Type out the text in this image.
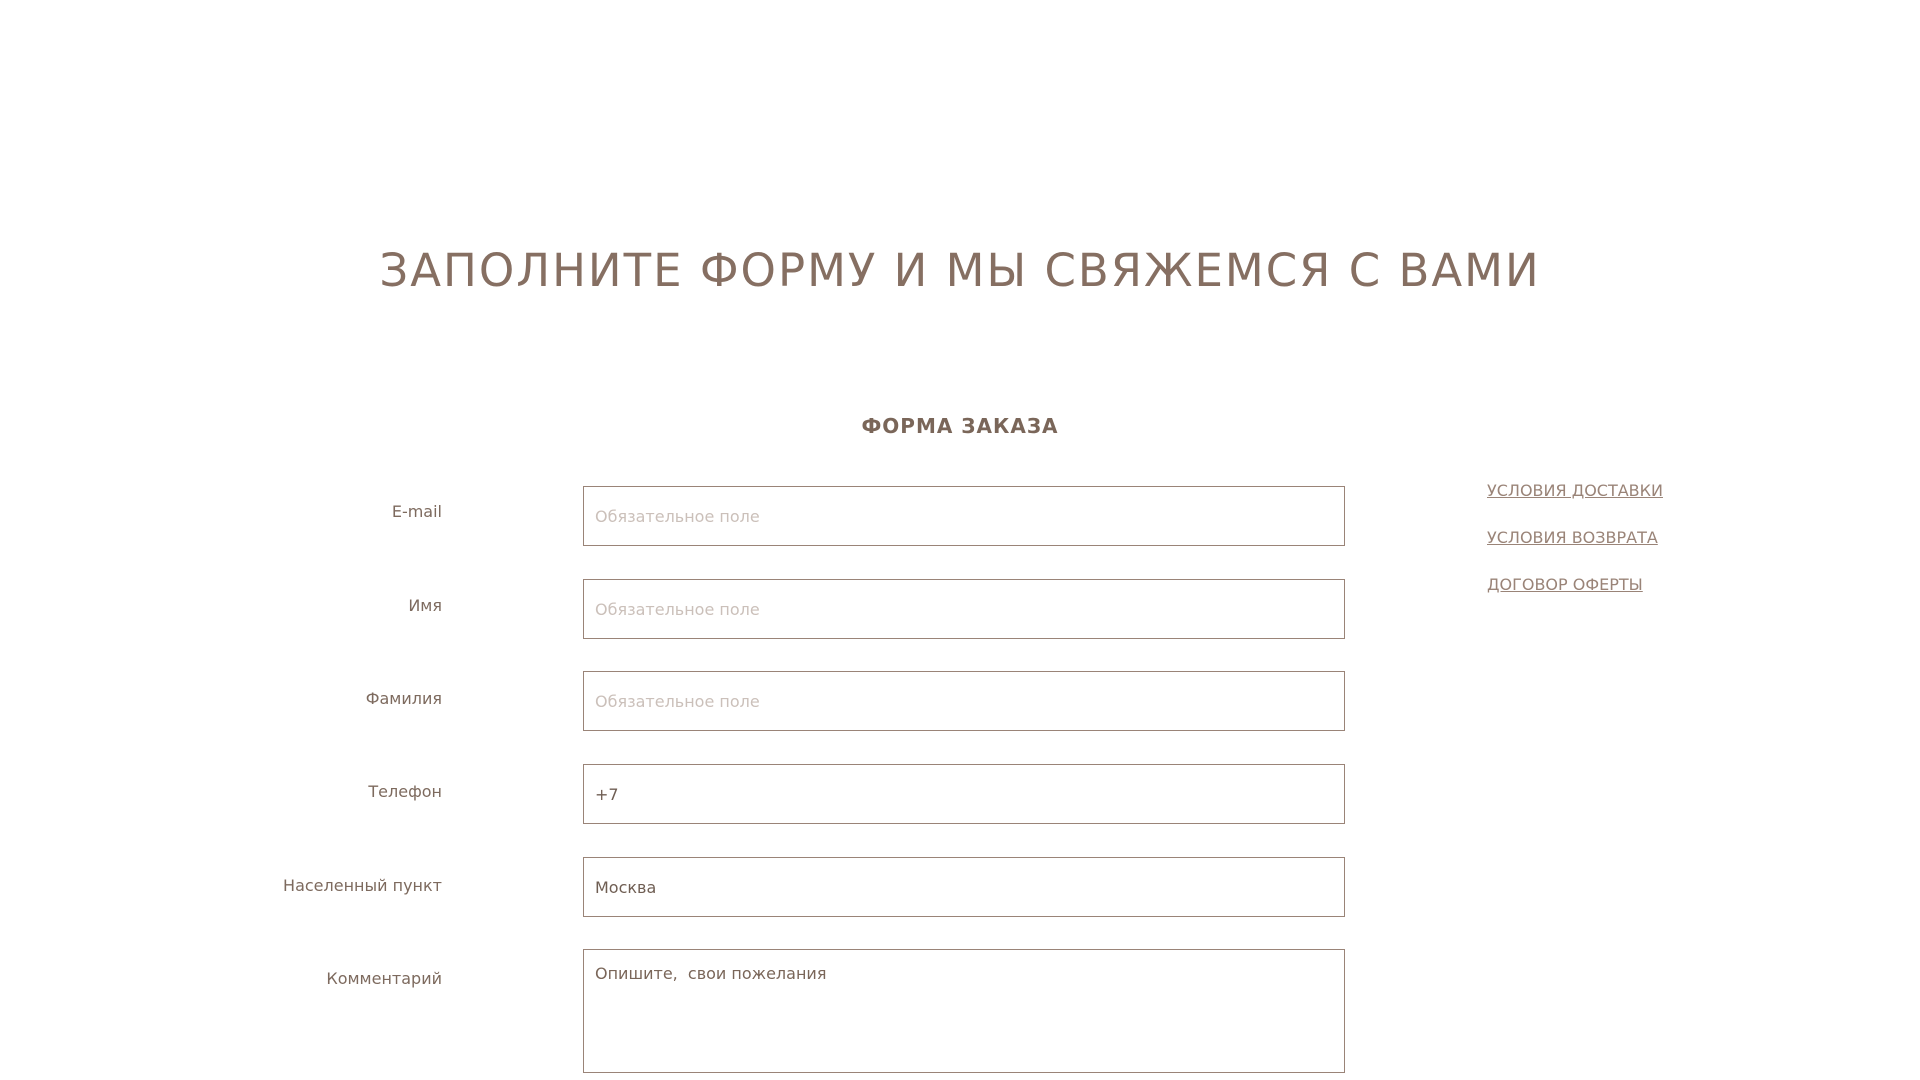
ЗАПОЛНИТЕ ФОРМУ И МЫ СВЯЖЕМСЯ С ВАМИ
ФОРМА ЗАКАЗА
E-mail
Обязательное поле
Имя
Обязательное поле
Фамилия
Обязательное поле
Телефон
+7
Населенный пункт
Москва
Комментарий
Опишите, свои пожелания
УСЛОВИЯ ДОСТАВКИ
УСЛОВИЯ ВОЗВРАТА
ДОГОВОР ОФЕРТЫ
